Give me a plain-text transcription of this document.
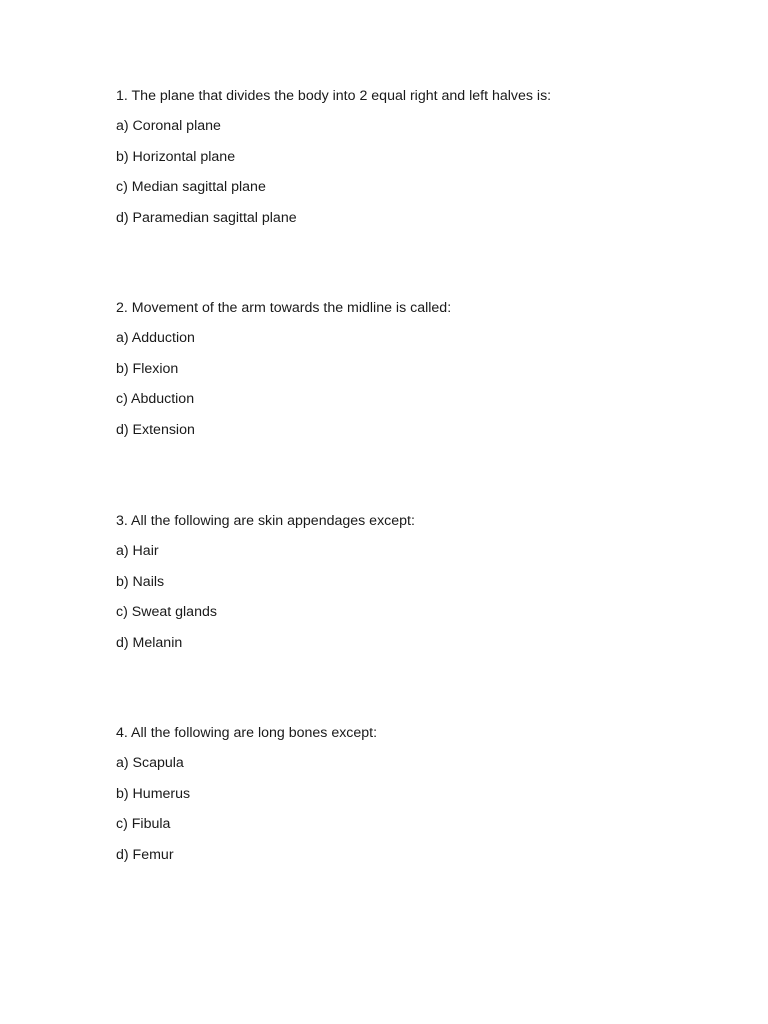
1. The plane that divides the body into 2 equal right and left halves is:
a) Coronal plane
b) Horizontal plane
c) Median sagittal plane
d) Paramedian sagittal plane
2. Movement of the arm towards the midline is called:
a) Adduction
b) Flexion
c) Abduction
d) Extension
3. All the following are skin appendages except:
a) Hair
b) Nails
c) Sweat glands
d) Melanin
4. All the following are long bones except:
a) Scapula
b) Humerus
c) Fibula
d) Femur
